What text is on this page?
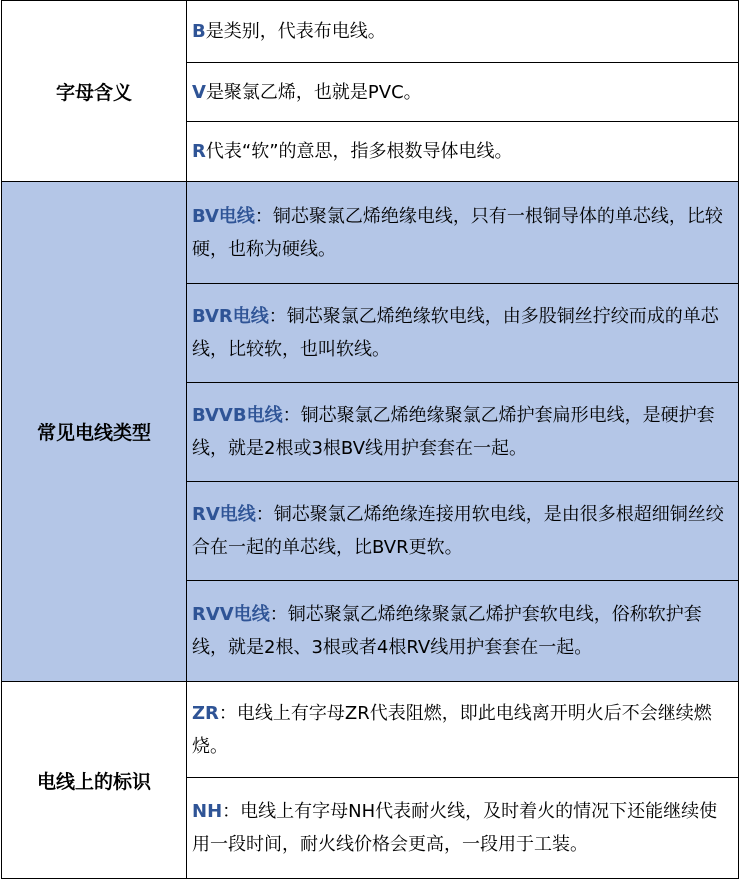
字母含义	B是类别，代表布电线。
	V是聚氯乙烯，也就是PVC。
	R代表“软”的意思，指多根数导体电线。
常见电线类型	BV电线：铜芯聚氯乙烯绝缘电线，只有一根铜导体的单芯线，比较硬，也称为硬线。
	BVR电线：铜芯聚氯乙烯绝缘软电线，由多股铜丝拧绞而成的单芯线，比较软，也叫软线。
	BVVB电线：铜芯聚氯乙烯绝缘聚氯乙烯护套扁形电线，是硬护套线，就是2根或3根BV线用护套套在一起。
	RV电线：铜芯聚氯乙烯绝缘连接用软电线，是由很多根超细铜丝绞合在一起的单芯线，比BVR更软。
	RVV电线：铜芯聚氯乙烯绝缘聚氯乙烯护套软电线，俗称软护套线，就是2根、3根或者4根RV线用护套套在一起。
电线上的标识	ZR：电线上有字母ZR代表阻燃，即此电线离开明火后不会继续燃烧。
	NH：电线上有字母NH代表耐火线，及时着火的情况下还能继续使用一段时间，耐火线价格会更高，一段用于工装。
